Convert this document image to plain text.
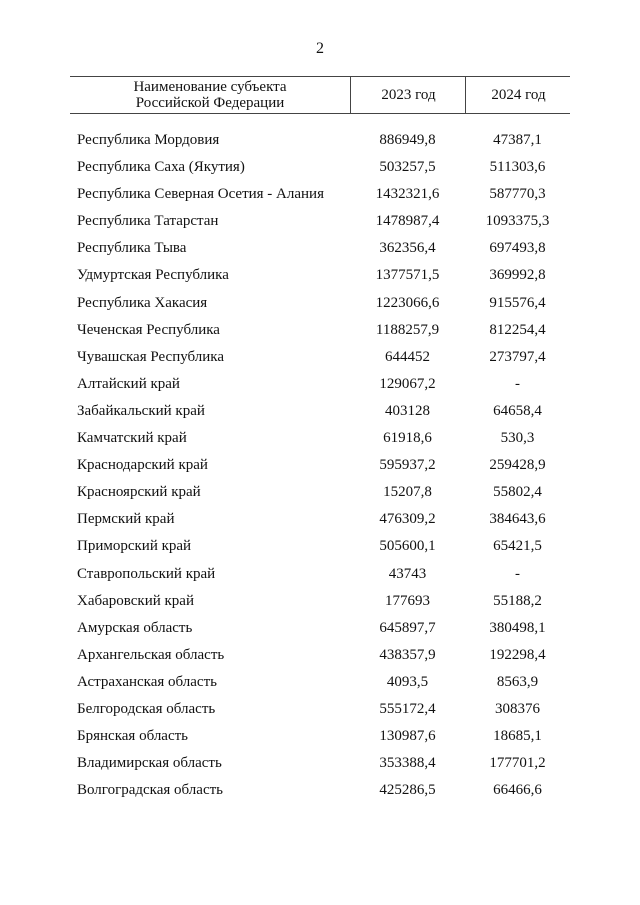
2
Наименование субъекта
Российской Федерации	2023 год	2024 год
Республика Мордовия	886949,8	47387,1
Республика Саха (Якутия)	503257,5	511303,6
Республика Северная Осетия - Алания	1432321,6	587770,3
Республика Татарстан	1478987,4	1093375,3
Республика Тыва	362356,4	697493,8
Удмуртская Республика	1377571,5	369992,8
Республика Хакасия	1223066,6	915576,4
Чеченская Республика	1188257,9	812254,4
Чувашская Республика	644452	273797,4
Алтайский край	129067,2	-
Забайкальский край	403128	64658,4
Камчатский край	61918,6	530,3
Краснодарский край	595937,2	259428,9
Красноярский край	15207,8	55802,4
Пермский край	476309,2	384643,6
Приморский край	505600,1	65421,5
Ставропольский край	43743	-
Хабаровский край	177693	55188,2
Амурская область	645897,7	380498,1
Архангельская область	438357,9	192298,4
Астраханская область	4093,5	8563,9
Белгородская область	555172,4	308376
Брянская область	130987,6	18685,1
Владимирская область	353388,4	177701,2
Волгоградская область	425286,5	66466,6
